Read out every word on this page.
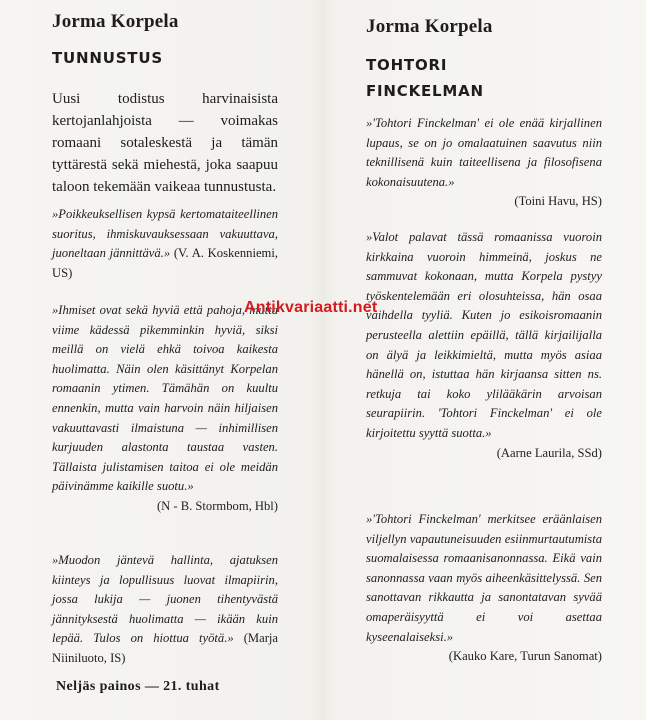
Jorma Korpela
TUNNUSTUS

Uusi todistus harvinaisista kertojanlahjoista — voimakas romaani sotaleskestä ja tämän tyttärestä sekä miehestä, joka saapuu taloon tekemään vaikeaa tunnustusta.

»Poikkeuksellisen kypsä kertomataiteellinen suoritus, ihmiskuvauksessaan vakuuttava, juoneltaan jännittävä.» (V. A. Koskenniemi, US)

»Ihmiset ovat sekä hyviä että pahoja, mutta viime kädessä pikemminkin hyviä, siksi meillä on vielä ehkä toivoa kaikesta huolimatta. Näin olen käsittänyt Korpelan romaanin ytimen. Tämähän on kuultu ennenkin, mutta vain harvoin näin hiljaisen vakuuttavasti ilmaistuna — inhimillisen kurjuuden alastonta taustaa vasten. Tällaista julistamisen taitoa ei ole meidän päivinämme kaikille suotu.»
(N - B. Stormbom, Hbl)

»Muodon jäntevä hallinta, ajatuksen kiinteys ja lopullisuus luovat ilmapiirin, jossa lukija — juonen tihentyvästä jännityksestä huolimatta — ikään kuin lepää. Tulos on hiottua työtä.» (Marja Niiniluoto, IS)

Neljäs painos — 21. tuhat

Jorma Korpela
TOHTORI FINCKELMAN

»'Tohtori Finckelman' ei ole enää kirjallinen lupaus, se on jo omalaatuinen saavutus niin teknillisenä kuin taiteellisena ja filosofisena kokonaisuutena.»
(Toini Havu, HS)

»Valot palavat tässä romaanissa vuoroin kirkkaina vuoroin himmeinä, joskus ne sammuvat kokonaan, mutta Korpela pystyy työskentelemään eri olosuhteissa, hän osaa vaihdella tyyliä. Kuten jo esikoisromaanin perusteella alettiin epäillä, tällä kirjailijalla on älyä ja leikkimieltä, mutta myös asiaa hänellä on, istuttaa hän kirjaansa sitten ns. retkuja tai koko ylilääkärin arvoisan seurapiirin. 'Tohtori Finckelman' ei ole kirjoitettu syyttä suotta.»
(Aarne Laurila, SSd)

»'Tohtori Finckelman' merkitsee eräänlaisen viljellyn vapautuneisuuden esiinmurtautumista suomalaisessa romaanisanonnassa. Eikä vain sanonnassa vaan myös aiheenkäsittelyssä. Sen sanottavan rikkautta ja sanontatavan syvää omaperäisyyttä ei voi asettaa kyseenalaiseksi.»
(Kauko Kare, Turun Sanomat)

Antikvariaatti.net
